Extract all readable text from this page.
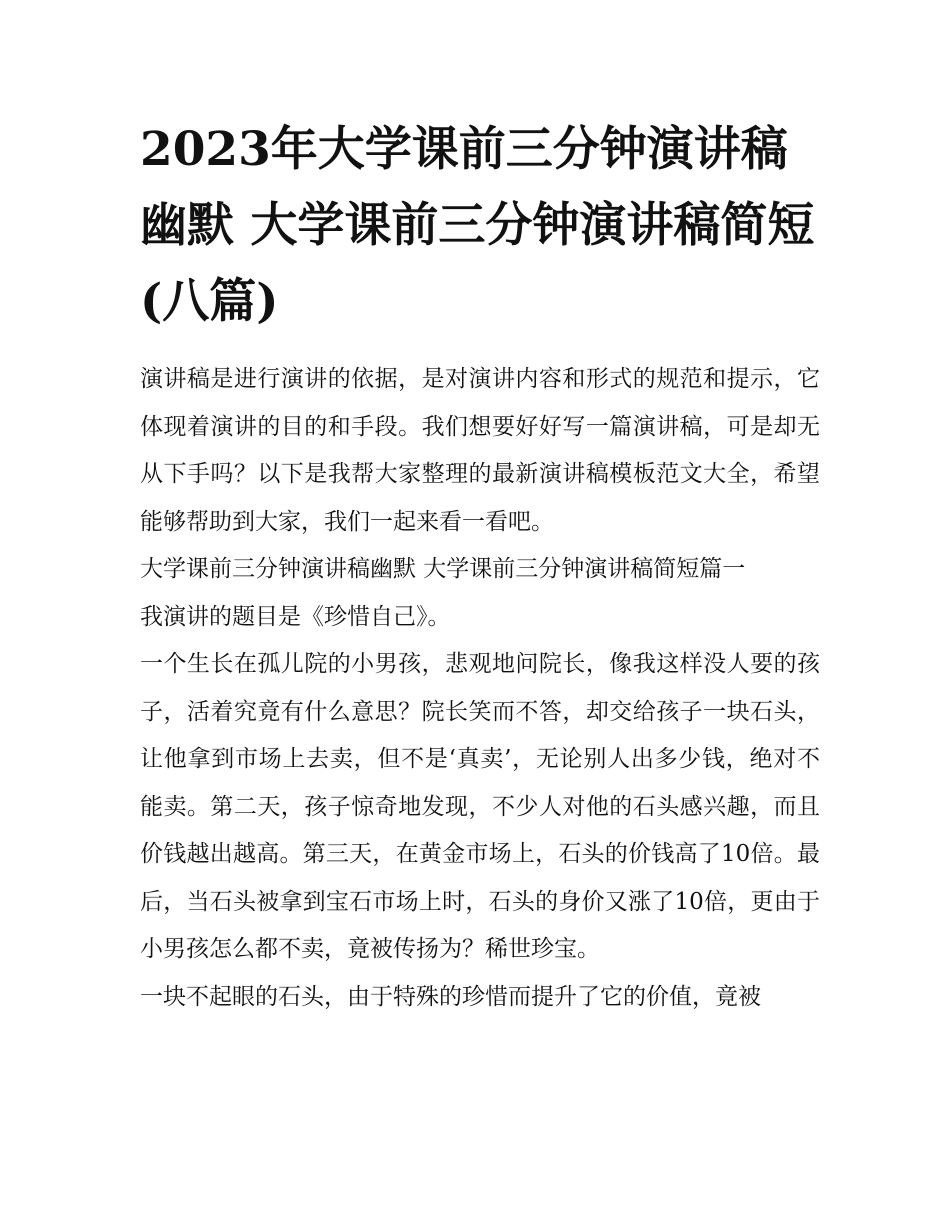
2023年大学课前三分钟演讲稿幽默 大学课前三分钟演讲稿简短(八篇)

演讲稿是进行演讲的依据，是对演讲内容和形式的规范和提示，它体现着演讲的目的和手段。我们想要好好写一篇演讲稿，可是却无从下手吗？以下是我帮大家整理的最新演讲稿模板范文大全，希望能够帮助到大家，我们一起来看一看吧。

大学课前三分钟演讲稿幽默 大学课前三分钟演讲稿简短篇一

我演讲的题目是《珍惜自己》。

一个生长在孤儿院的小男孩，悲观地问院长，像我这样没人要的孩子，活着究竟有什么意思？院长笑而不答，却交给孩子一块石头，让他拿到市场上去卖，但不是‘真卖’，无论别人出多少钱，绝对不能卖。第二天，孩子惊奇地发现，不少人对他的石头感兴趣，而且价钱越出越高。第三天，在黄金市场上，石头的价钱高了10倍。最后，当石头被拿到宝石市场上时，石头的身价又涨了10倍，更由于小男孩怎么都不卖，竟被传扬为？稀世珍宝。

一块不起眼的石头，由于特殊的珍惜而提升了它的价值，竟被
